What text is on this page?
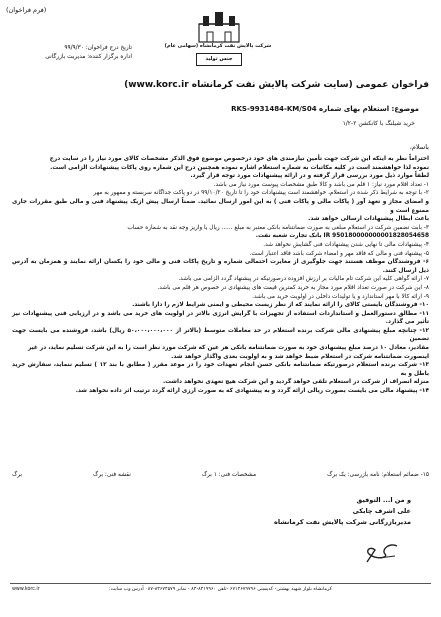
(فرم فراخوان)
شرکت پالایش نفت کرمانشاه (سهامی عام)
جنس تولید
تاریخ درج فراخوان: ۹۹/۹/۳۰
اداره برگزار کننده: مدیریت بازرگانی
فراخوان عمومی (سایت شرکت پالایش نفت کرمانشاه www.korc.ir)
موضوع: استعلام بهای شماره RKS-9931484-KM/S04
خرید شیلنگ با کانکشن ۲-۱/۲
باسلام،
احتراماً نظر به اینکه این شرکت جهت تأمین نیازمندی های خود درخصوص موضوع فوق الذکر مشخصات کالای مورد نیاز را در سایت درج
نموده لذا خواهشمند است در کلیه مکاتبات به شماره استعلام اشاره نموده همچنین درج این شماره روی پاکات پیشنهادات الزامی است.
لطفاً موارد ذیل مورد بررسی قرار گرفته و در ارائه پیشنهادات مورد توجه قرار گیرد.
۱- تعداد اقلام مورد نیاز: ۱ قلم می باشد و کالا طبق مشخصات پیوست مورد نیاز می باشد.
۲- با توجه به شرایط ذکر شده در استعلام، خواهشمند است پیشنهادات خود را تا تاریخ ۹۹/۱۰/۲۰ در دو پاکت جداگانه سربسته و ممهور به مهر
و امضای مجاز و تعهد آور ( پاکات مالی و پاکات فنی ) به این امور ارسال نمائید. ضمناً ارسال پیش ازیک پیشنهاد فنی و مالی طبق مقررات جاری ممنوع است و
باعث ابطال پیشنهادات ارسالی خواهد شد.
۳- بابت تضمین شرکت در استعلام مبلغی به صورت ضمانتنامه بانکی معتبر به مبلغ ...... ریال یا واریز وجه نقد به شماره حساب
IR 950180000000001828054658 بانک تجارت شعبه نفت.
۴- پیشنهادات مالی تا نهایی شدن پیشنهادات فنی گشایش نخواهد شد.
۵- پیشنهاد فنی و مالی که فاقد مهر و امضاء شرکت باشد فاقد اعتبار است.
۶- فروشندگان موظف هستند جهت جلوگیری از مغایرت احتمالی شماره و تاریخ پاکات فنی و مالی خود را یکسان ارائه نمایند و همزمان به آدرس ذیل ارسال کنند.
۷- ارائه گواهی کلیه این شرکت تام مالیات بر ارزش افزوده درصورتیکه در پیشنهاد گردد الزامی می باشد.
۸- این شرکت در صورت تعداد اقلام مورد مجاز به خرید کمترین قیمت های پیشنهادی در خصوص هر قلم می باشد.
۹- ارائه کالا با مهر استاندارد و یا تولیدات داخلی در اولویت خرید می باشد.
۱۰- فروشندگان بایستی کالای را ارائه نمایند که از نظر زیست محیطی و ایمنی شرایط لازم را دارا باشند.
۱۱- مطالق دستورالعمل و استانداردات استفاده از تجهیزات با گرایش انرژی بالاتر در اولویت های خرید می باشد و در ارزیابی فنی پیشنهادات نیز تأثیر می گذارد.
۱۲- چنانچه مبلغ پیشنهادی مالی شرکت برنده استعلام در حد معاملات متوسط (بالاتر از ۵۰،۰۰۰،۰۰۰،۰۰۰ ریال) باشد، فروشنده می بایست جهت تضمین
مقادیر، معادل ۱۰ درصد مبلغ پیشنهادی خود به صورت ضمانتنامه بانکی هر عین که شرکت مورد نظر است را به این شرکت تسلیم نماید، در غیر
اینصورت ضمانتنامه شرکت در استعلام ضبط خواهد شد و به اولویت بعدی واگذار خواهد شد.
۱۳- شرکت برنده استعلام درصورتیکه ضمانتنامه بانکی حسن انجام تعهدات خود را در موعد مقرر ( مطابق با بند ۱۲ ) تسلیم ننماید، سفارش خرید باطل و به
منزله انصراف از شرکت در استعلام تلقی خواهد گردید و این شرکت هیچ تعهدی نخواهد داشت.
۱۴- پیشنهاد مالی می بایست بصورت ریالی ارائه گردد و به پیشنهادی که به صورت ارزی ارائه گردد ترتیب اثر داده نخواهد شد.
۱۵- ضمائم استعلام: نامه بازرسی: یک برگ
مشخصات فنی: ۱ برگ
نقشه فنی: برگ
برگ
و من ا... التوفیق
علی اشرف چابکی
مدیربازرگانی شرکت پالایش نفت کرمانشاه
کرمانشاه بلوار شهید بهشتی- کدپستی ۶۷۱۴۶۷۹۷۹۶ -تلفن ۸۳۱۹۹۶۰-۸۳ - نمابر ۸۳۶۷۴۵۷۹-۰۸۷ آدرس وب سایت:
www.korc.ir
